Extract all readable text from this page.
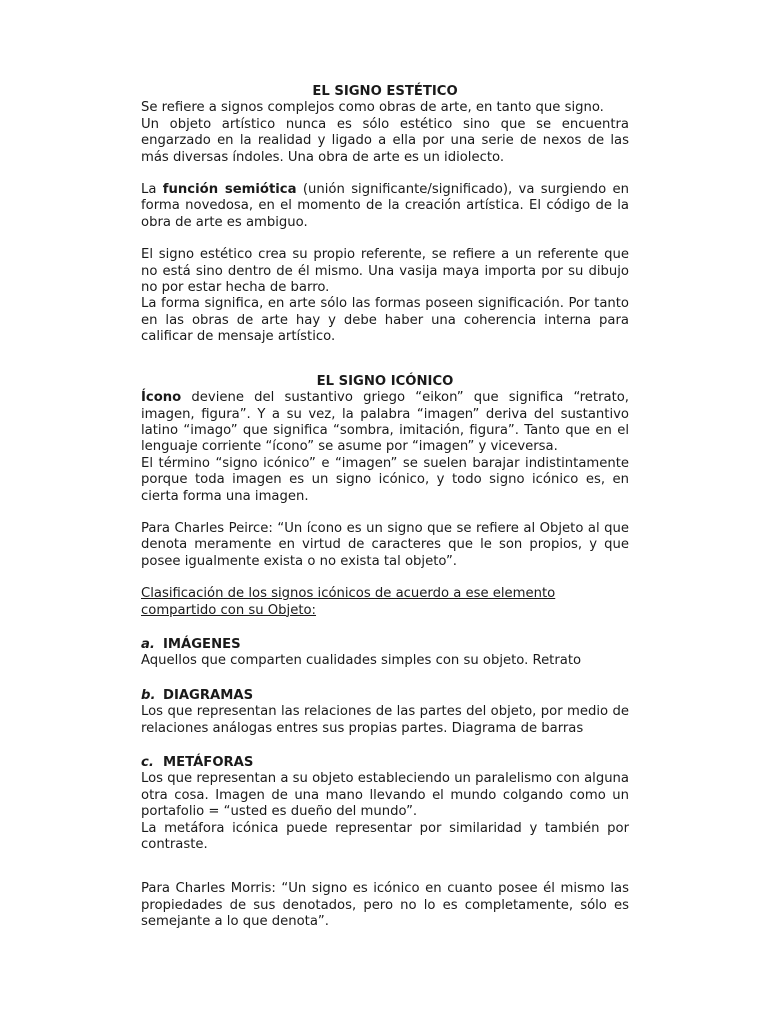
EL SIGNO ESTÉTICO

Se refiere a signos complejos como obras de arte, en tanto que signo.

Un objeto artístico nunca es sólo estético sino que se encuentra engarzado en la realidad y ligado a ella por una serie de nexos de las más diversas índoles. Una obra de arte es un idiolecto.

La función semiótica (unión significante/significado), va surgiendo en forma novedosa, en el momento de la creación artística. El código de la obra de arte es ambiguo.

El signo estético crea su propio referente, se refiere a un referente que no está sino dentro de él mismo. Una vasija maya importa por su dibujo no por estar hecha de barro.

La forma significa, en arte sólo las formas poseen significación. Por tanto en las obras de arte hay y debe haber una coherencia interna para calificar de mensaje artístico.

EL SIGNO ICÓNICO

Ícono deviene del sustantivo griego “eikon” que significa “retrato, imagen, figura”. Y a su vez, la palabra “imagen” deriva del sustantivo latino “imago” que significa “sombra, imitación, figura”. Tanto que en el lenguaje corriente “ícono” se asume por “imagen” y viceversa.

El término “signo icónico” e “imagen” se suelen barajar indistintamente porque toda imagen es un signo icónico, y todo signo icónico es, en cierta forma una imagen.

Para Charles Peirce: “Un ícono es un signo que se refiere al Objeto al que denota meramente en virtud de caracteres que le son propios, y que posee igualmente exista o no exista tal objeto”.

Clasificación de los signos icónicos de acuerdo a ese elemento compartido con su Objeto:

a. IMÁGENES

Aquellos que comparten cualidades simples con su objeto. Retrato

b. DIAGRAMAS

Los que representan las relaciones de las partes del objeto, por medio de relaciones análogas entres sus propias partes. Diagrama de barras

c. METÁFORAS

Los que representan a su objeto estableciendo un paralelismo con alguna otra cosa. Imagen de una mano llevando el mundo colgando como un portafolio = “usted es dueño del mundo”.

La metáfora icónica puede representar por similaridad y también por contraste.

Para Charles Morris: “Un signo es icónico en cuanto posee él mismo las propiedades de sus denotados, pero no lo es completamente, sólo es semejante a lo que denota”.
